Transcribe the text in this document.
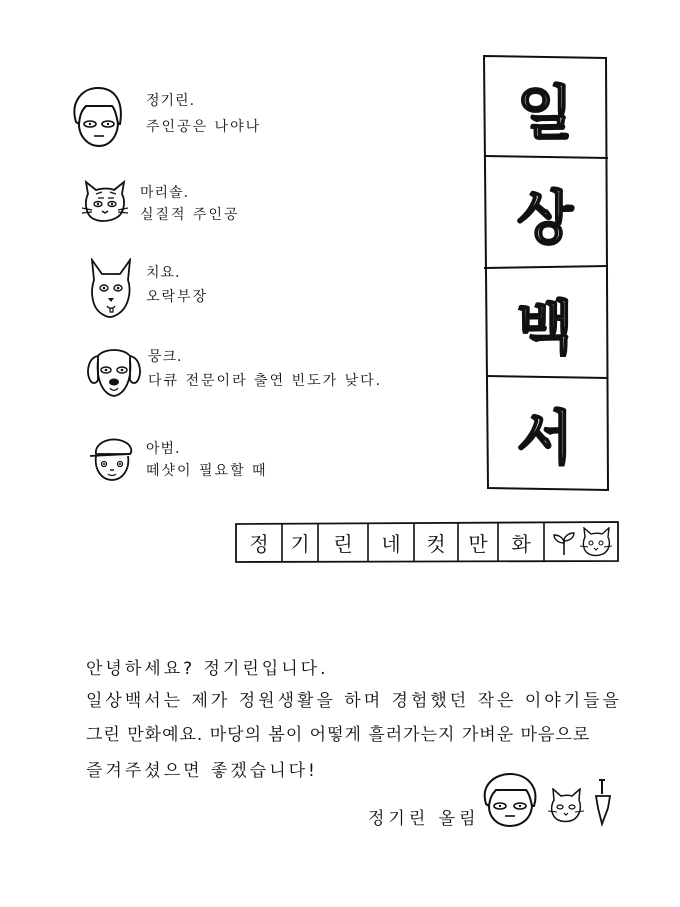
정기린.
주인공은 나야나
마리솔.
실질적 주인공
치요.
오락부장
뭉크.
다큐 전문이라 출연 빈도가 낮다.
아범.
떼샷이 필요할 때
일
상
백
서
정	기	린	네	컷	만	화
안녕하세요? 정기린입니다.
일상백서는 제가 정원생활을 하며 경험했던 작은 이야기들을
그린 만화예요. 마당의 봄이 어떻게 흘러가는지 가벼운 마음으로
즐겨주셨으면 좋겠습니다!
정기린 올림
